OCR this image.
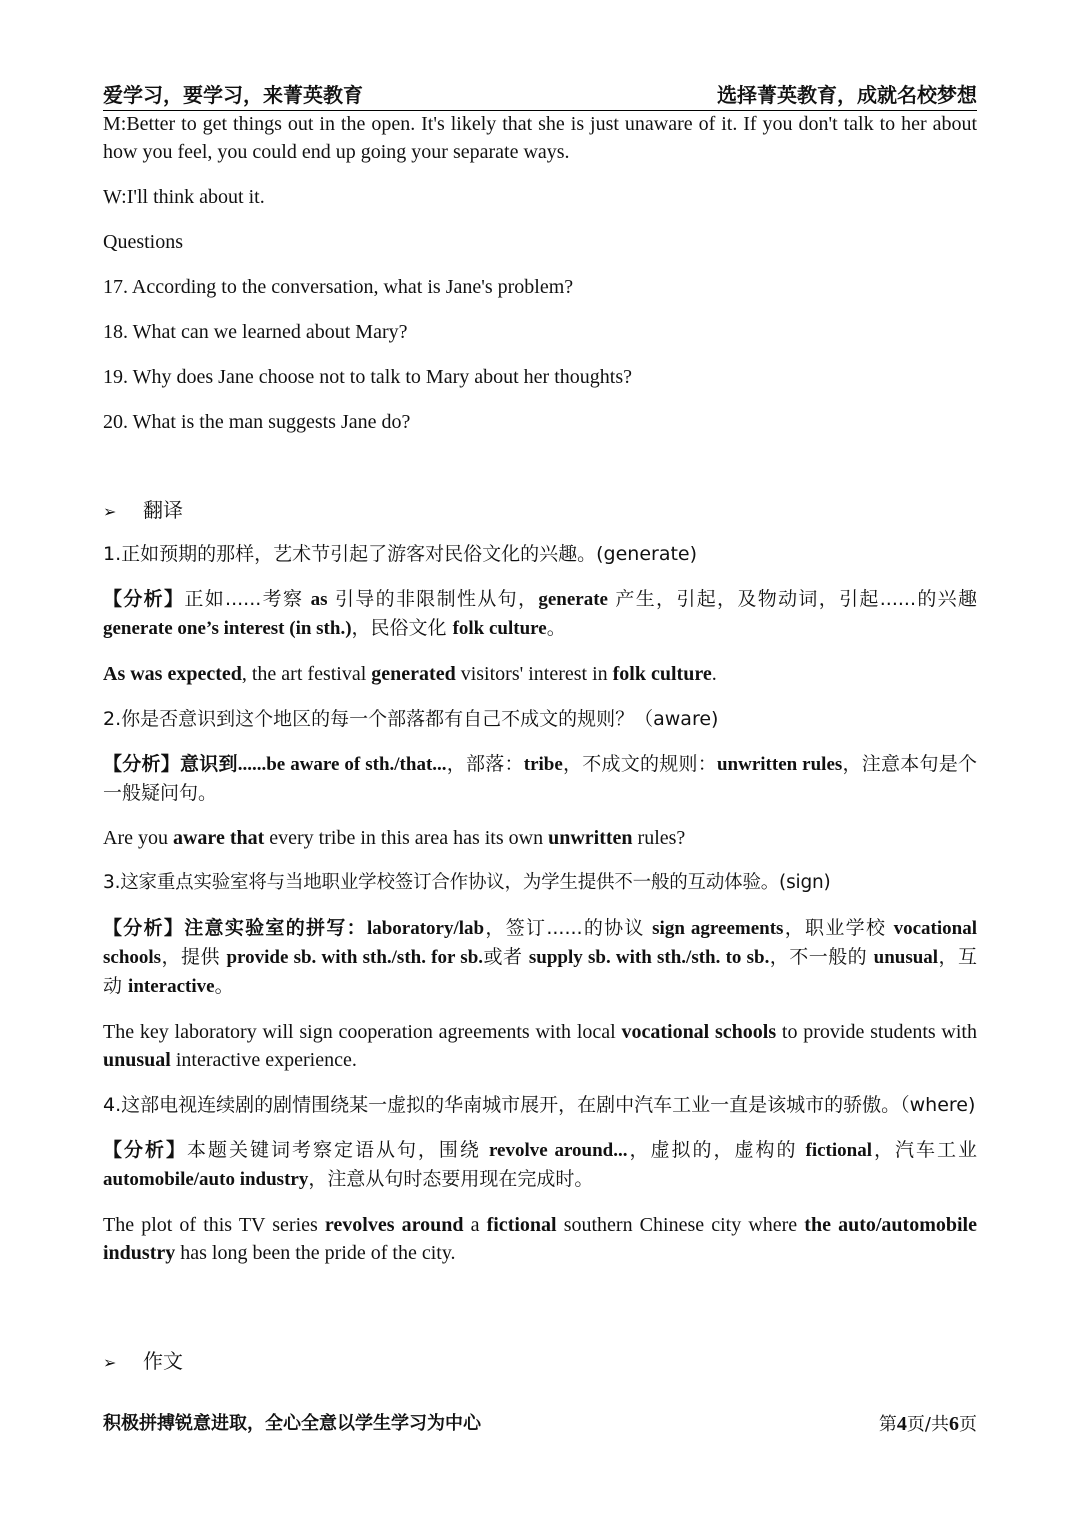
爱学习，要学习，来菁英教育	选择菁英教育，成就名校梦想

M:Better to get things out in the open. It's likely that she is just unaware of it. If you don't talk to her about how you feel, you could end up going your separate ways.

W:I'll think about it.

Questions

17. According to the conversation, what is Jane's problem?

18. What can we learned about Mary?

19. Why does Jane choose not to talk to Mary about her thoughts?

20. What is the man suggests Jane do?

➢ 翻译

1.正如预期的那样，艺术节引起了游客对民俗文化的兴趣。(generate)

【分析】正如......考察 as 引导的非限制性从句，generate 产生，引起，及物动词，引起......的兴趣 generate one’s interest (in sth.)，民俗文化 folk culture。

As was expected, the art festival generated visitors' interest in folk culture.

2.你是否意识到这个地区的每一个部落都有自己不成文的规则？（aware)

【分析】意识到......be aware of sth./that...，部落：tribe，不成文的规则：unwritten rules，注意本句是个一般疑问句。

Are you aware that every tribe in this area has its own unwritten rules?

3.这家重点实验室将与当地职业学校签订合作协议，为学生提供不一般的互动体验。(sign)

【分析】注意实验室的拼写：laboratory/lab，签订......的协议 sign agreements，职业学校 vocational schools，提供 provide sb. with sth./sth. for sb.或者 supply sb. with sth./sth. to sb.，不一般的 unusual，互动 interactive。

The key laboratory will sign cooperation agreements with local vocational schools to provide students with unusual interactive experience.

4.这部电视连续剧的剧情围绕某一虚拟的华南城市展开，在剧中汽车工业一直是该城市的骄傲。（where)

【分析】本题关键词考察定语从句，围绕 revolve around...，虚拟的，虚构的 fictional，汽车工业 automobile/auto industry，注意从句时态要用现在完成时。

The plot of this TV series revolves around a fictional southern Chinese city where the auto/automobile industry has long been the pride of the city.

➢ 作文
积极拼搏锐意进取，全心全意以学生学习为中心	第4页/共6页
